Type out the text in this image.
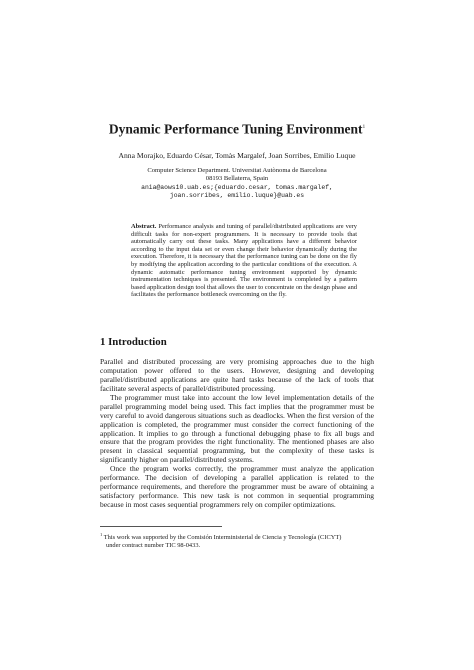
Dynamic Performance Tuning Environment$^1$
Anna Morajko, Eduardo César, Tomàs Margalef, Joan Sorribes, Emilio Luque
Computer Science Department. Universitat Autònoma de Barcelona
08193 Bellaterra, Spain
ania@aows10.uab.es;{eduardo.cesar, tomas.margalef,
joan.sorribes, emilio.luque}@uab.es
Abstract. Performance analysis and tuning of parallel/distributed applications are very difficult tasks for non-expert programmers. It is necessary to provide tools that automatically carry out these tasks. Many applications have a different behavior according to the input data set or even change their behavior dynamically during the execution. Therefore, it is necessary that the performance tuning can be done on the fly by modifying the application according to the particular conditions of the execution. A dynamic automatic performance tuning environment supported by dynamic instrumentation techniques is presented. The environment is completed by a pattern based application design tool that allows the user to concentrate on the design phase and facilitates the performance bottleneck overcoming on the fly.
1 Introduction

Parallel and distributed processing are very promising approaches due to the high computation power offered to the users. However, designing and developing parallel/distributed applications are quite hard tasks because of the lack of tools that facilitate several aspects of parallel/distributed processing.

The programmer must take into account the low level implementation details of the parallel programming model being used. This fact implies that the programmer must be very careful to avoid dangerous situations such as deadlocks. When the first version of the application is completed, the programmer must consider the correct functioning of the application. It implies to go through a functional debugging phase to fix all bugs and ensure that the program provides the right functionality. The mentioned phases are also present in classical sequential programming, but the complexity of these tasks is significantly higher on parallel/distributed systems.

Once the program works correctly, the programmer must analyze the application performance. The decision of developing a parallel application is related to the performance requirements, and therefore the programmer must be aware of obtaining a satisfactory performance. This new task is not common in sequential programming because in most cases sequential programmers rely on compiler optimizations.

$^1$ This work was supported by the Comisión Interministerial de Ciencia y Tecnología (CICYT)
under contract number TIC 98-0433.
